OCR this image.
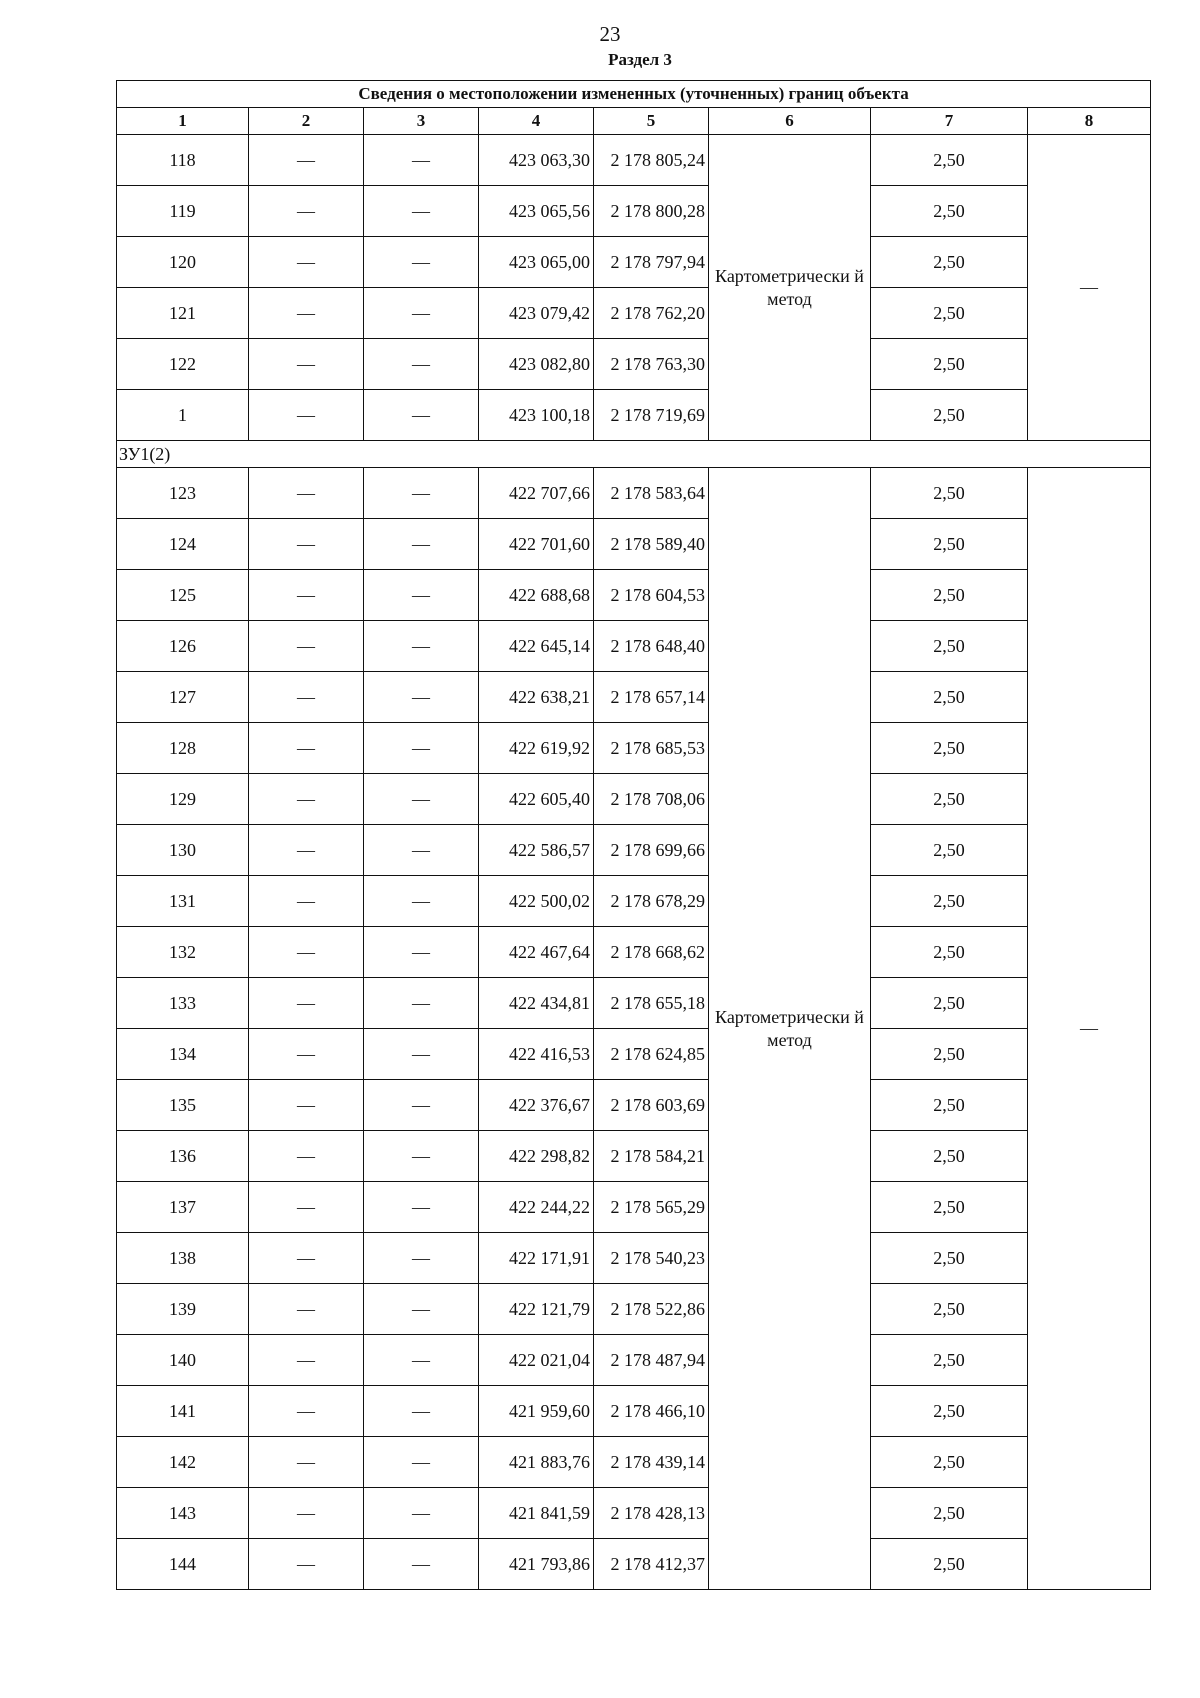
23
Раздел 3
Сведения о местоположении измененных (уточненных) границ объекта							
1	2	3	4	5	6	7	8
118	—	—	423 063,30	2 178 805,24	Картометрически й метод	2,50	—
119	—	—	423 065,56	2 178 800,28		2,50	
120	—	—	423 065,00	2 178 797,94		2,50	
121	—	—	423 079,42	2 178 762,20		2,50	
122	—	—	423 082,80	2 178 763,30		2,50	
1	—	—	423 100,18	2 178 719,69		2,50	
ЗУ1(2)							
123	—	—	422 707,66	2 178 583,64	Картометрически й метод	2,50	—
124	—	—	422 701,60	2 178 589,40		2,50	
125	—	—	422 688,68	2 178 604,53		2,50	
126	—	—	422 645,14	2 178 648,40		2,50	
127	—	—	422 638,21	2 178 657,14		2,50	
128	—	—	422 619,92	2 178 685,53		2,50	
129	—	—	422 605,40	2 178 708,06		2,50	
130	—	—	422 586,57	2 178 699,66		2,50	
131	—	—	422 500,02	2 178 678,29		2,50	
132	—	—	422 467,64	2 178 668,62		2,50	
133	—	—	422 434,81	2 178 655,18		2,50	
134	—	—	422 416,53	2 178 624,85		2,50	
135	—	—	422 376,67	2 178 603,69		2,50	
136	—	—	422 298,82	2 178 584,21		2,50	
137	—	—	422 244,22	2 178 565,29		2,50	
138	—	—	422 171,91	2 178 540,23		2,50	
139	—	—	422 121,79	2 178 522,86		2,50	
140	—	—	422 021,04	2 178 487,94		2,50	
141	—	—	421 959,60	2 178 466,10		2,50	
142	—	—	421 883,76	2 178 439,14		2,50	
143	—	—	421 841,59	2 178 428,13		2,50	
144	—	—	421 793,86	2 178 412,37		2,50	
